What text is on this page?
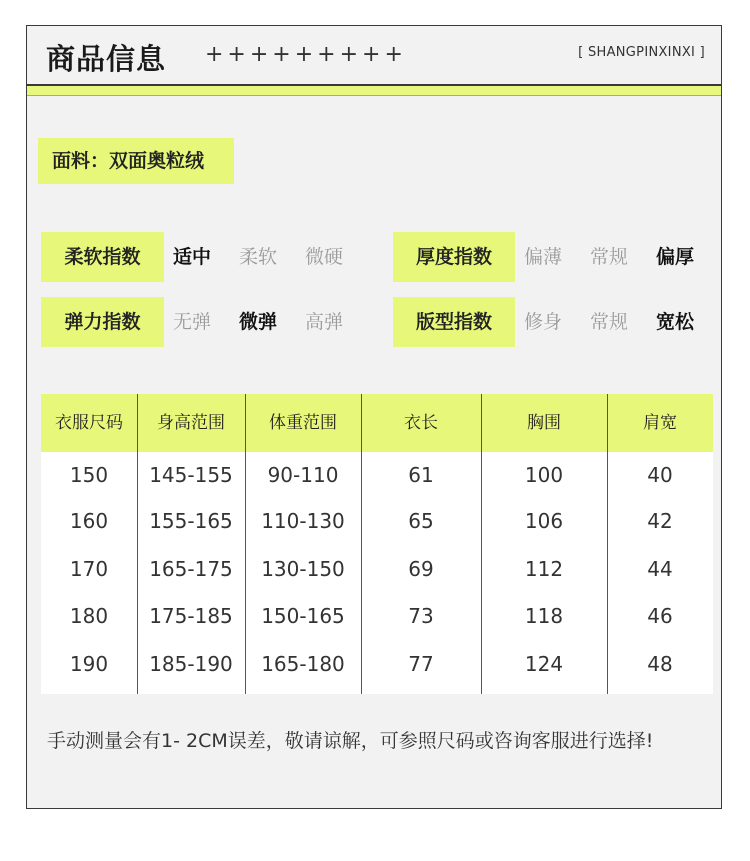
商品信息 +++++++++	[ SHANGPINXINXI ]
面料：双面奥粒绒
柔软指数	适中 柔软 微硬	厚度指数	偏薄 常规 偏厚
弹力指数	无弹 微弹 高弹	版型指数	修身 常规 宽松
衣服尺码	身高范围	体重范围	衣长	胸围	肩宽
150	145-155	90-110	61	100	40
160	155-165	110-130	65	106	42
170	165-175	130-150	69	112	44
180	175-185	150-165	73	118	46
190	185-190	165-180	77	124	48
手动测量会有1- 2CM误差，敬请谅解，可参照尺码或咨询客服进行选择!
